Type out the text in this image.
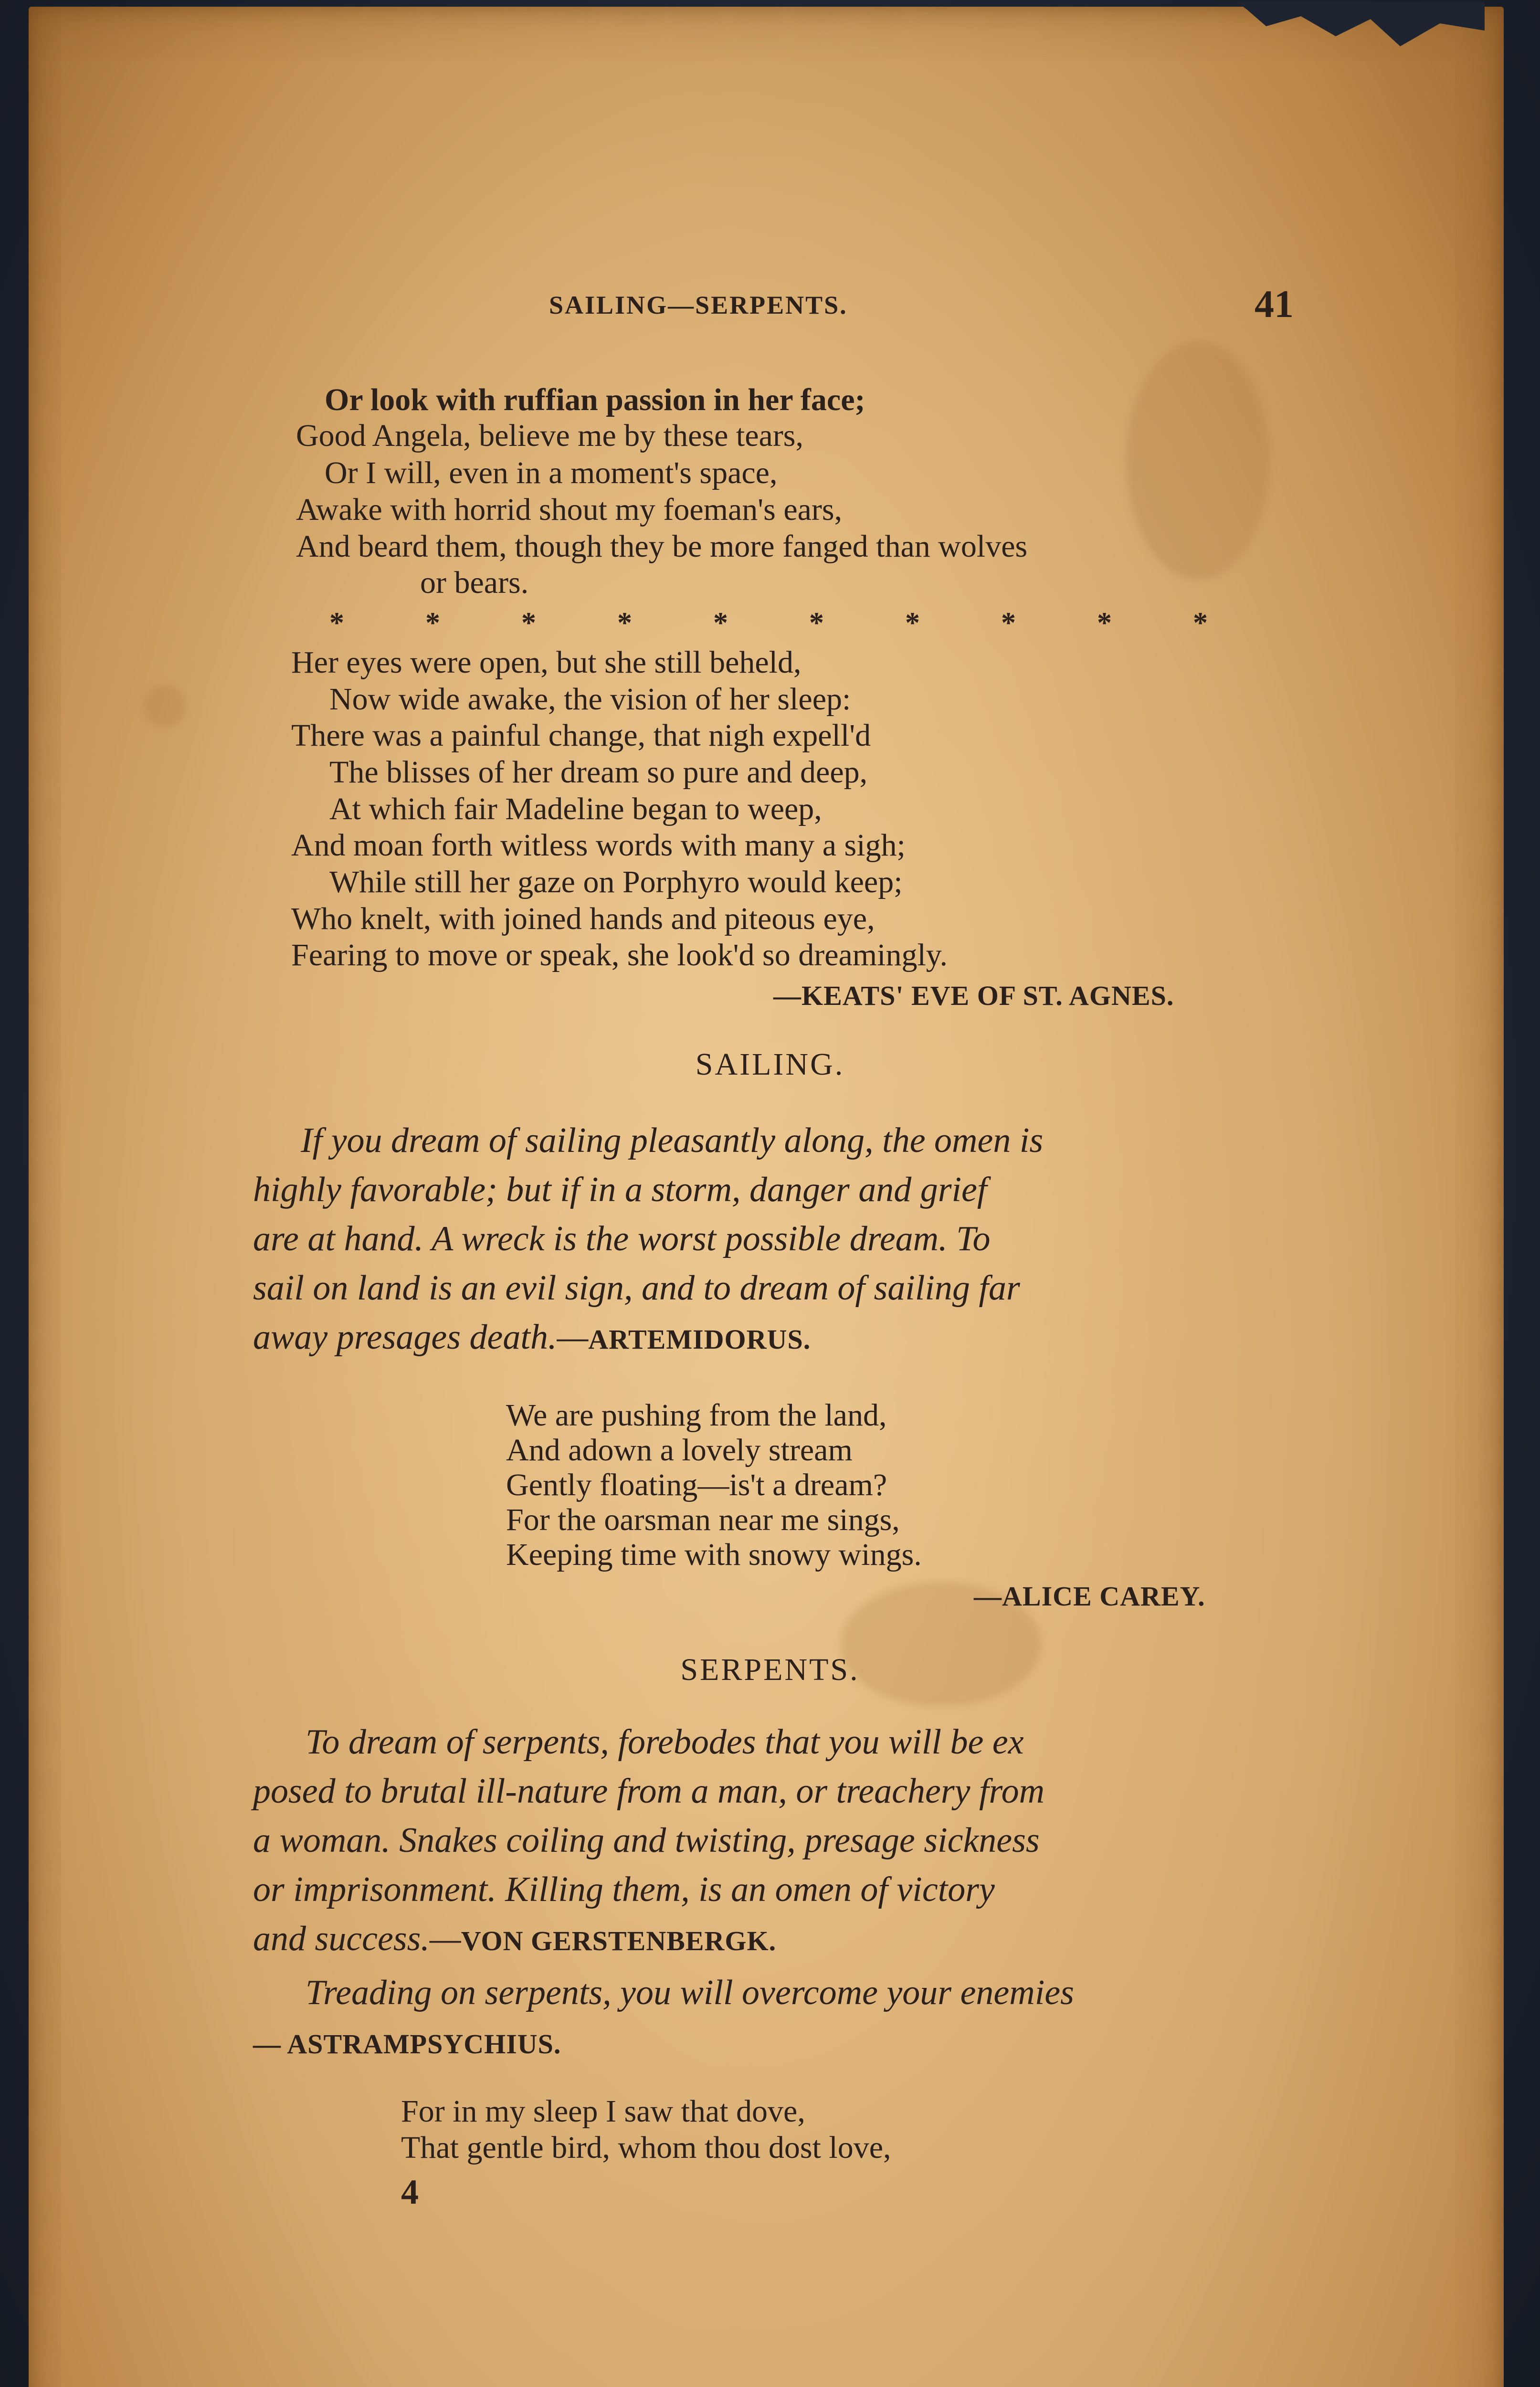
SAILING—SERPENTS.	41
Or look with ruffian passion in her face;
Good Angela, believe me by these tears,
Or I will, even in a moment's space,
Awake with horrid shout my foeman's ears,
And beard them, though they be more fanged than wolves
or bears.
*	*	*	*	*	*	*	*	*	*
Her eyes were open, but she still beheld,
Now wide awake, the vision of her sleep:
There was a painful change, that nigh expell'd
The blisses of her dream so pure and deep,
At which fair Madeline began to weep,
And moan forth witless words with many a sigh;
While still her gaze on Porphyro would keep;
Who knelt, with joined hands and piteous eye,
Fearing to move or speak, she look'd so dreamingly.
—KEATS' EVE OF ST. AGNES.
SAILING.
If you dream of sailing pleasantly along, the omen is
highly favorable; but if in a storm, danger and grief
are at hand. A wreck is the worst possible dream. To
sail on land is an evil sign, and to dream of sailing far
away presages death.—ARTEMIDORUS.
We are pushing from the land,
And adown a lovely stream
Gently floating—is't a dream?
For the oarsman near me sings,
Keeping time with snowy wings.
—ALICE CAREY.
SERPENTS.
To dream of serpents, forebodes that you will be ex
posed to brutal ill-nature from a man, or treachery from
a woman. Snakes coiling and twisting, presage sickness
or imprisonment. Killing them, is an omen of victory
and success.—VON GERSTENBERGK.
Treading on serpents, you will overcome your enemies
— ASTRAMPSYCHIUS.
For in my sleep I saw that dove,
That gentle bird, whom thou dost love,
4
